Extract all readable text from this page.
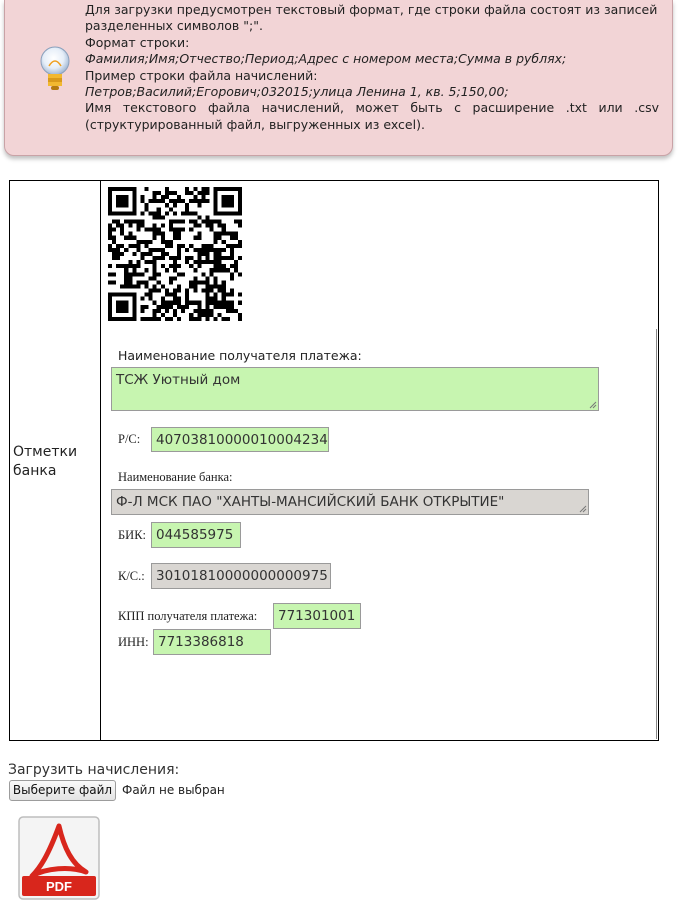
Для загрузки предусмотрен текстовый формат, где строки файла состоят из записей
разделенных символов ";".
Формат строки:
Фамилия;Имя;Отчество;Период;Адрес с номером места;Сумма в рублях;
Пример строки файла начислений:
Петров;Василий;Егорович;032015;улица Ленина 1, кв. 5;150,00;
Имя текстового файла начислений, может быть с расширение .txt или .csv
(структурированный файл, выгруженных из excel).
Отметки банка
Наименование получателя платежа:
ТСЖ Уютный дом
Р/С:	40703810000010004234
Наименование банка:
Ф-Л МСК ПАО "ХАНТЫ-МАНСИЙСКИЙ БАНК ОТКРЫТИЕ"
БИК: 044585975
К/С.: 30101810000000000975
КПП получателя платежа:	771301001
ИНН: 7713386818
Загрузить начисления:
Выберите файл Файл не выбран
PDF
